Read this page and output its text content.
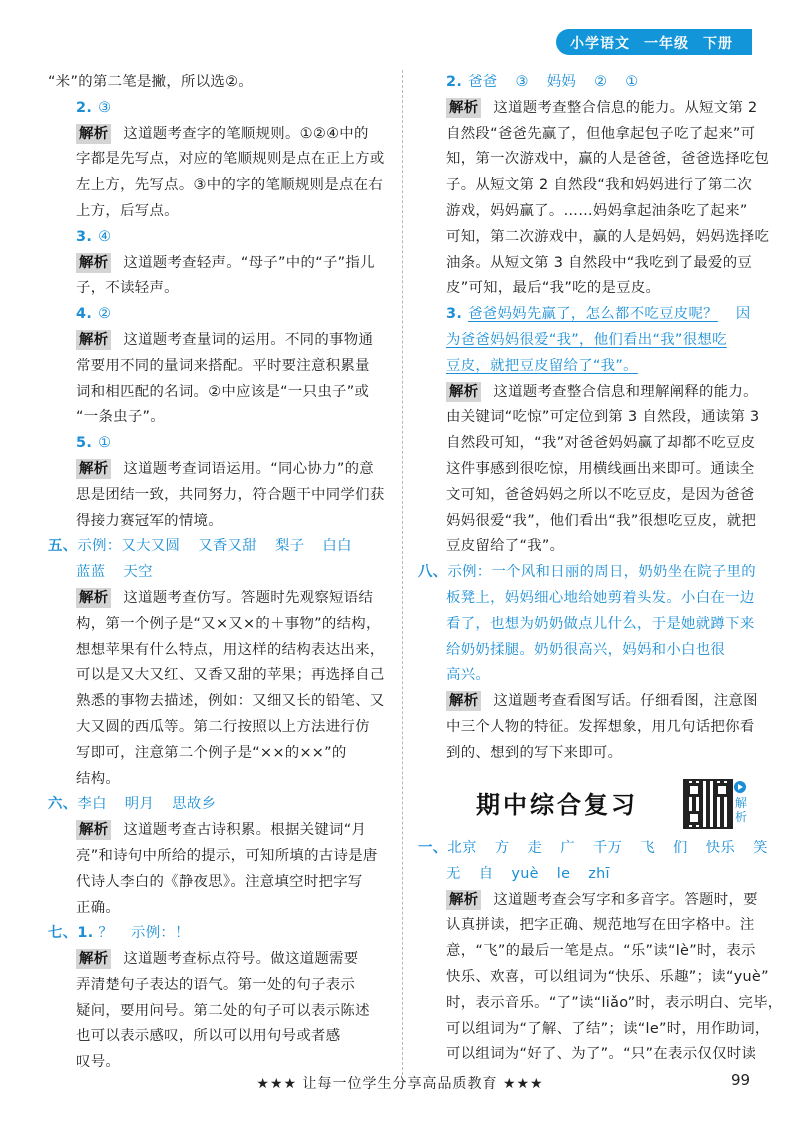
小学语文 一年级 下册
“米”的第二笔是撇，所以选②。
2. ③
解析 这道题考查字的笔顺规则。①②④中的
字都是先写点，对应的笔顺规则是点在正上方或
左上方，先写点。③中的字的笔顺规则是点在右
上方，后写点。
3. ④
解析 这道题考查轻声。“母子”中的“子”指儿
子，不读轻声。
4. ②
解析 这道题考查量词的运用。不同的事物通
常要用不同的量词来搭配。平时要注意积累量
词和相匹配的名词。②中应该是“一只虫子”或
“一条虫子”。
5. ①
解析 这道题考查词语运用。“同心协力”的意
思是团结一致，共同努力，符合题干中同学们获
得接力赛冠军的情境。
五、示例：又大又圆 又香又甜 梨子 白白
蓝蓝 天空
解析 这道题考查仿写。答题时先观察短语结
构，第一个例子是“又×又×的＋事物”的结构，
想想苹果有什么特点，用这样的结构表达出来，
可以是又大又红、又香又甜的苹果；再选择自己
熟悉的事物去描述，例如：又细又长的铅笔、又
大又圆的西瓜等。第二行按照以上方法进行仿
写即可，注意第二个例子是“××的××”的
结构。
六、李白 明月 思故乡
解析 这道题考查古诗积累。根据关键词“月
亮”和诗句中所给的提示，可知所填的古诗是唐
代诗人李白的《静夜思》。注意填空时把字写
正确。
七、1. ？ 示例：！
解析 这道题考查标点符号。做这道题需要
弄清楚句子表达的语气。第一处的句子表示
疑问，要用问号。第二处的句子可以表示陈述
也可以表示感叹，所以可以用句号或者感
叹号。
2. 爸爸 ③ 妈妈 ② ①
解析 这道题考查整合信息的能力。从短文第 2
自然段“爸爸先赢了，但他拿起包子吃了起来”可
知，第一次游戏中，赢的人是爸爸，爸爸选择吃包
子。从短文第 2 自然段“我和妈妈进行了第二次
游戏，妈妈赢了。……妈妈拿起油条吃了起来”
可知，第二次游戏中，赢的人是妈妈，妈妈选择吃
油条。从短文第 3 自然段中“我吃到了最爱的豆
皮”可知，最后“我”吃的是豆皮。
3. 爸爸妈妈先赢了，怎么都不吃豆皮呢？ 因
为爸爸妈妈很爱“我”，他们看出“我”很想吃
豆皮，就把豆皮留给了“我”。
解析 这道题考查整合信息和理解阐释的能力。
由关键词“吃惊”可定位到第 3 自然段，通读第 3
自然段可知，“我”对爸爸妈妈赢了却都不吃豆皮
这件事感到很吃惊，用横线画出来即可。通读全
文可知，爸爸妈妈之所以不吃豆皮，是因为爸爸
妈妈很爱“我”，他们看出“我”很想吃豆皮，就把
豆皮留给了“我”。
八、示例：一个风和日丽的周日，奶奶坐在院子里的
板凳上，妈妈细心地给她剪着头发。小白在一边
看了，也想为奶奶做点儿什么，于是她就蹲下来
给奶奶揉腿。奶奶很高兴，妈妈和小白也很
高兴。
解析 这道题考查看图写话。仔细看图，注意图
中三个人物的特征。发挥想象，用几句话把你看
到的、想到的写下来即可。
期中综合复习	解析
一、北京 方 走 广 千万 飞 们 快乐 笑
无 自 yuè le zhī
解析 这道题考查会写字和多音字。答题时，要
认真拼读，把字正确、规范地写在田字格中。注
意，“飞”的最后一笔是点。“乐”读“lè”时，表示
快乐、欢喜，可以组词为“快乐、乐趣”；读“yuè”
时，表示音乐。“了”读“liǎo”时，表示明白、完毕，
可以组词为“了解、了结”；读“le”时，用作助词，
可以组词为“好了、为了”。“只”在表示仅仅时读
★★★ 让每一位学生分享高品质教育 ★★★	99
